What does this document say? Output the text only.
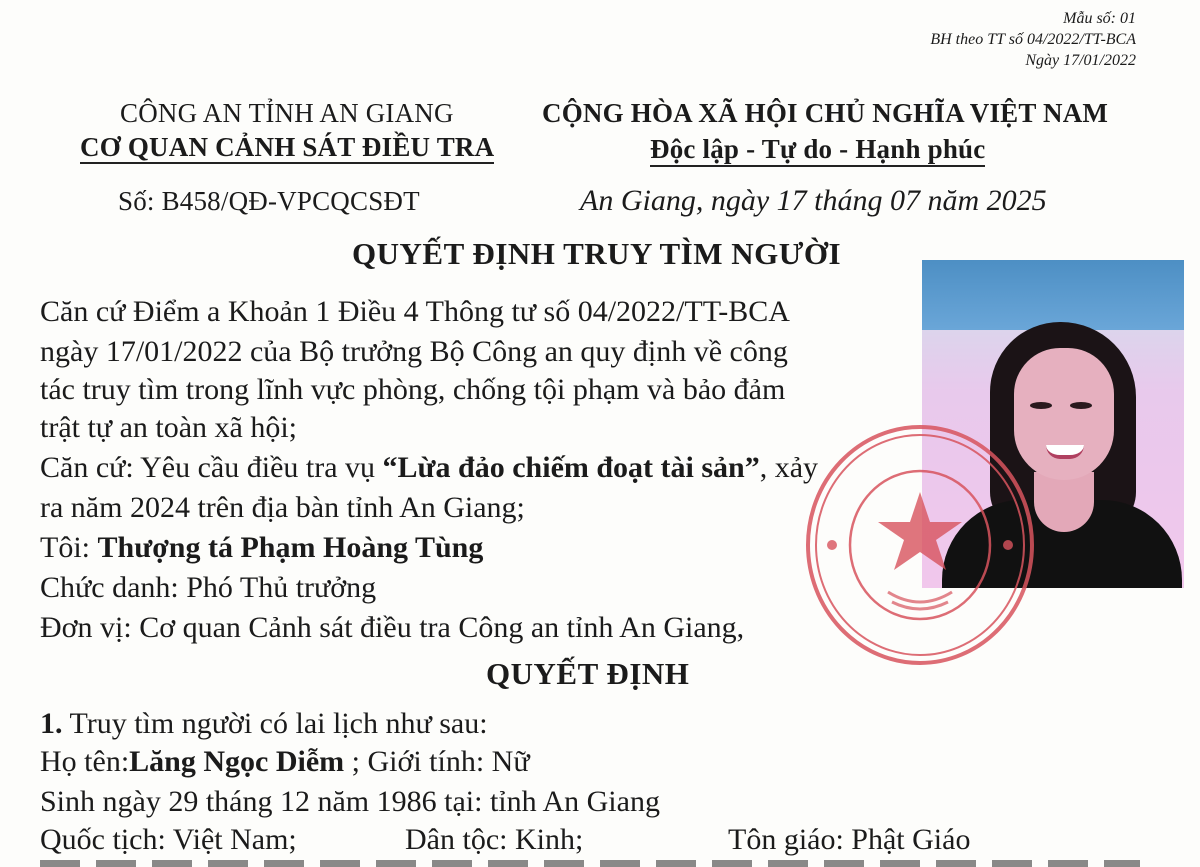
Mẫu số: 01
BH theo TT số 04/2022/TT-BCA
Ngày 17/01/2022
CÔNG AN TỈNH AN GIANG
CƠ QUAN CẢNH SÁT ĐIỀU TRA
Số: B458/QĐ-VPCQCSĐT
CỘNG HÒA XÃ HỘI CHỦ NGHĨA VIỆT NAM
Độc lập - Tự do - Hạnh phúc
An Giang, ngày 17 tháng 07 năm 2025
QUYẾT ĐỊNH TRUY TÌM NGƯỜI
Căn cứ Điểm a Khoản 1 Điều 4 Thông tư số 04/2022/TT-BCA
ngày 17/01/2022 của Bộ trưởng Bộ Công an quy định về công
tác truy tìm trong lĩnh vực phòng, chống tội phạm và bảo đảm
trật tự an toàn xã hội;
Căn cứ: Yêu cầu điều tra vụ “Lừa đảo chiếm đoạt tài sản”, xảy
ra năm 2024 trên địa bàn tỉnh An Giang;
Tôi: Thượng tá Phạm Hoàng Tùng
Chức danh: Phó Thủ trưởng
Đơn vị: Cơ quan Cảnh sát điều tra Công an tỉnh An Giang,
QUYẾT ĐỊNH
1. Truy tìm người có lai lịch như sau:
Họ tên:Lăng Ngọc Diễm ; Giới tính: Nữ
Sinh ngày 29 tháng 12 năm 1986 tại: tỉnh An Giang
Quốc tịch: Việt Nam;	Dân tộc: Kinh;	Tôn giáo: Phật Giáo
